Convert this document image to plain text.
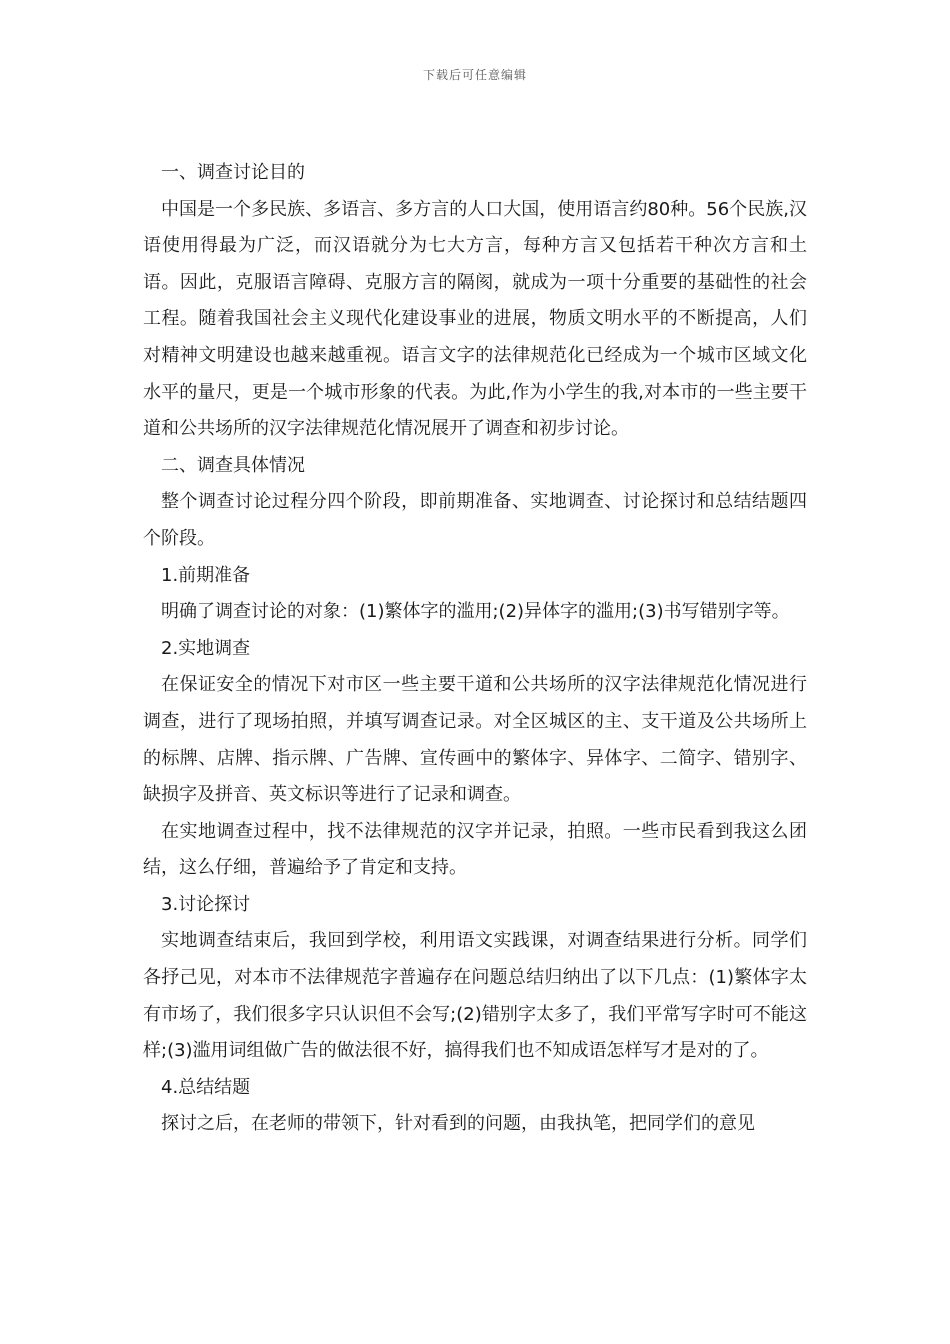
下载后可任意编辑

一、调查讨论目的

中国是一个多民族、多语言、多方言的人口大国，使用语言约80种。56个民族,汉语使用得最为广泛，而汉语就分为七大方言，每种方言又包括若干种次方言和土语。因此，克服语言障碍、克服方言的隔阂，就成为一项十分重要的基础性的社会工程。随着我国社会主义现代化建设事业的进展，物质文明水平的不断提高，人们对精神文明建设也越来越重视。语言文字的法律规范化已经成为一个城市区域文化水平的量尺，更是一个城市形象的代表。为此,作为小学生的我,对本市的一些主要干道和公共场所的汉字法律规范化情况展开了调查和初步讨论。

二、调查具体情况

整个调查讨论过程分四个阶段，即前期准备、实地调查、讨论探讨和总结结题四个阶段。

1.前期准备

明确了调查讨论的对象：(1)繁体字的滥用;(2)异体字的滥用;(3)书写错别字等。

2.实地调查

在保证安全的情况下对市区一些主要干道和公共场所的汉字法律规范化情况进行调查，进行了现场拍照，并填写调查记录。对全区城区的主、支干道及公共场所上的标牌、店牌、指示牌、广告牌、宣传画中的繁体字、异体字、二简字、错别字、缺损字及拼音、英文标识等进行了记录和调查。

在实地调查过程中，找不法律规范的汉字并记录，拍照。一些市民看到我这么团结，这么仔细，普遍给予了肯定和支持。

3.讨论探讨

实地调查结束后，我回到学校，利用语文实践课，对调查结果进行分析。同学们各抒己见，对本市不法律规范字普遍存在问题总结归纳出了以下几点：(1)繁体字太有市场了，我们很多字只认识但不会写;(2)错别字太多了，我们平常写字时可不能这样;(3)滥用词组做广告的做法很不好，搞得我们也不知成语怎样写才是对的了。

4.总结结题

探讨之后，在老师的带领下，针对看到的问题，由我执笔，把同学们的意见
